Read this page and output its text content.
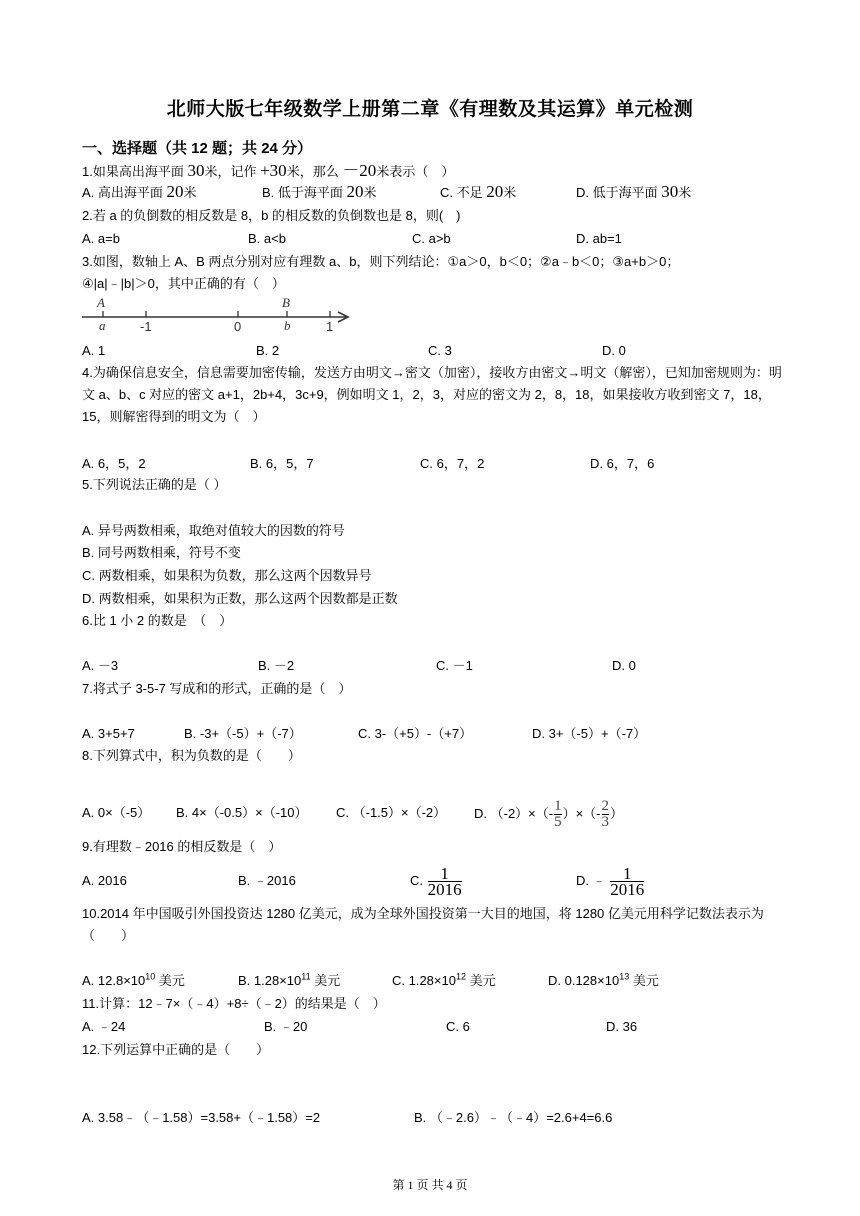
北师大版七年级数学上册第二章《有理数及其运算》单元检测
一、选择题（共 12 题；共 24 分）
1.如果高出海平面 30米，记作 +30米，那么 －20米表示（　）
A. 高出海平面 20米	B. 低于海平面 20米	C. 不足 20米	D. 低于海平面 30米
2.若 a 的负倒数的相反数是 8，b 的相反数的负倒数也是 8，则(　)
A. a=b	B. a<b	C. a>b	D. ab=1
3.如图，数轴上 A、B 两点分别对应有理数 a、b，则下列结论：①a＞0，b＜0；②a﹣b＜0；③a+b＞0；
④|a|﹣|b|＞0，其中正确的有（　）
A
a
B
b
-1	0	1
A. 1	B. 2	C. 3	D. 0
4.为确保信息安全，信息需要加密传输，发送方由明文→密文（加密），接收方由密文→明文（解密），已知加密规则为：明文 a、b、c 对应的密文 a+1，2b+4，3c+9，例如明文 1，2，3，对应的密文为 2，8，18，如果接收方收到密文 7，18，15，则解密得到的明文为（　）
A. 6，5，2	B. 6，5，7	C. 6，7，2	D. 6，7，6
5.下列说法正确的是（ ）
A. 异号两数相乘，取绝对值较大的因数的符号
B. 同号两数相乘，符号不变
C. 两数相乘，如果积为负数，那么这两个因数异号
D. 两数相乘，如果积为正数，那么这两个因数都是正数
6.比 1 小 2 的数是　（　）
A. －3	B. －2	C. －1	D. 0
7.将式子 3-5-7 写成和的形式，正确的是（　）
A. 3+5+7	B. -3+（-5）+（-7）	C. 3-（+5）-（+7）	D. 3+（-5）+（-7）
8.下列算式中，积为负数的是（　　）
A. 0×（-5） B. 4×（-0.5）×（-10） C. （-1.5）×（-2） D. $(-2)\times(- \frac{1}{5}$ ）×（- $\frac{2}{3}$ ）
9.有理数﹣2016 的相反数是（　）
A. 2016	B. ﹣2016	C. $\frac{1}{2016}$	D. ﹣ $\frac{1}{2016}$
10.2014 年中国吸引外国投资达 1280 亿美元，成为全球外国投资第一大目的地国，将 1280 亿美元用科学记数法表示为（　　）
A. $12.8\times 10^{10}$ 美元	B. $1.28\times 10^{11}$ 美元	C. $1.28\times 10^{12}$ 美元	D. $0.128\times 10^{13}$ 美元
11.计算：12﹣7×（﹣4）+8÷（﹣2）的结果是（　）
A. ﹣24	B. ﹣20	C. 6	D. 36
12.下列运算中正确的是（　　）
A. 3.58﹣（﹣1.58）=3.58+（﹣1.58）=2	B. （﹣2.6）﹣（﹣4）=2.6+4=6.6
第 1 页 共 4 页
